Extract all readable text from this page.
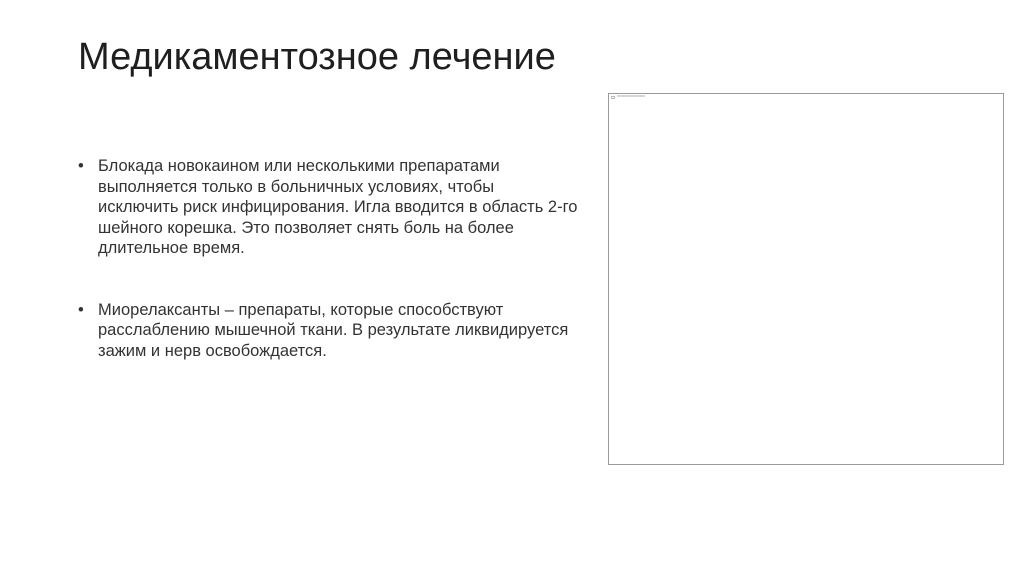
Медикаментозное лечение
• Блокада новокаином или несколькими препаратами выполняется только в больничных условиях, чтобы исключить риск инфицирования. Игла вводится в область 2-го шейного корешка. Это позволяет снять боль на более длительное время.
• Миорелаксанты – препараты, которые способствуют расслаблению мышечной ткани. В результате ликвидируется зажим и нерв освобождается.
